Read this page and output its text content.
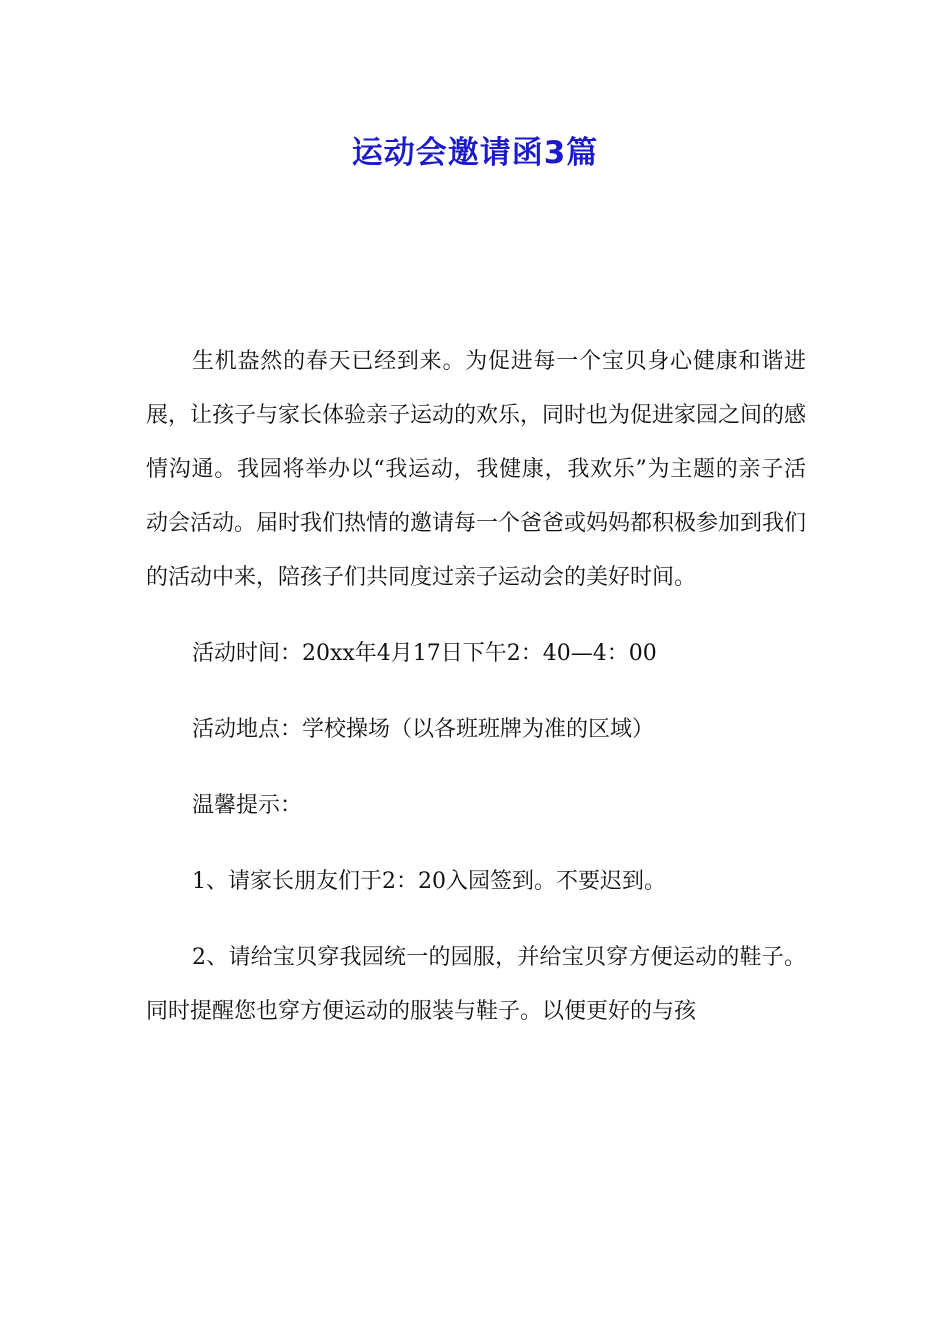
运动会邀请函3篇

生机盎然的春天已经到来。为促进每一个宝贝身心健康和谐进展，让孩子与家长体验亲子运动的欢乐，同时也为促进家园之间的感情沟通。我园将举办以“我运动，我健康，我欢乐”为主题的亲子活动会活动。届时我们热情的邀请每一个爸爸或妈妈都积极参加到我们的活动中来，陪孩子们共同度过亲子运动会的美好时间。

活动时间：20xx年4月17日下午2：40—4：00

活动地点：学校操场（以各班班牌为准的区域）

温馨提示：

1、请家长朋友们于2：20入园签到。不要迟到。

2、请给宝贝穿我园统一的园服，并给宝贝穿方便运动的鞋子。同时提醒您也穿方便运动的服装与鞋子。以便更好的与孩
